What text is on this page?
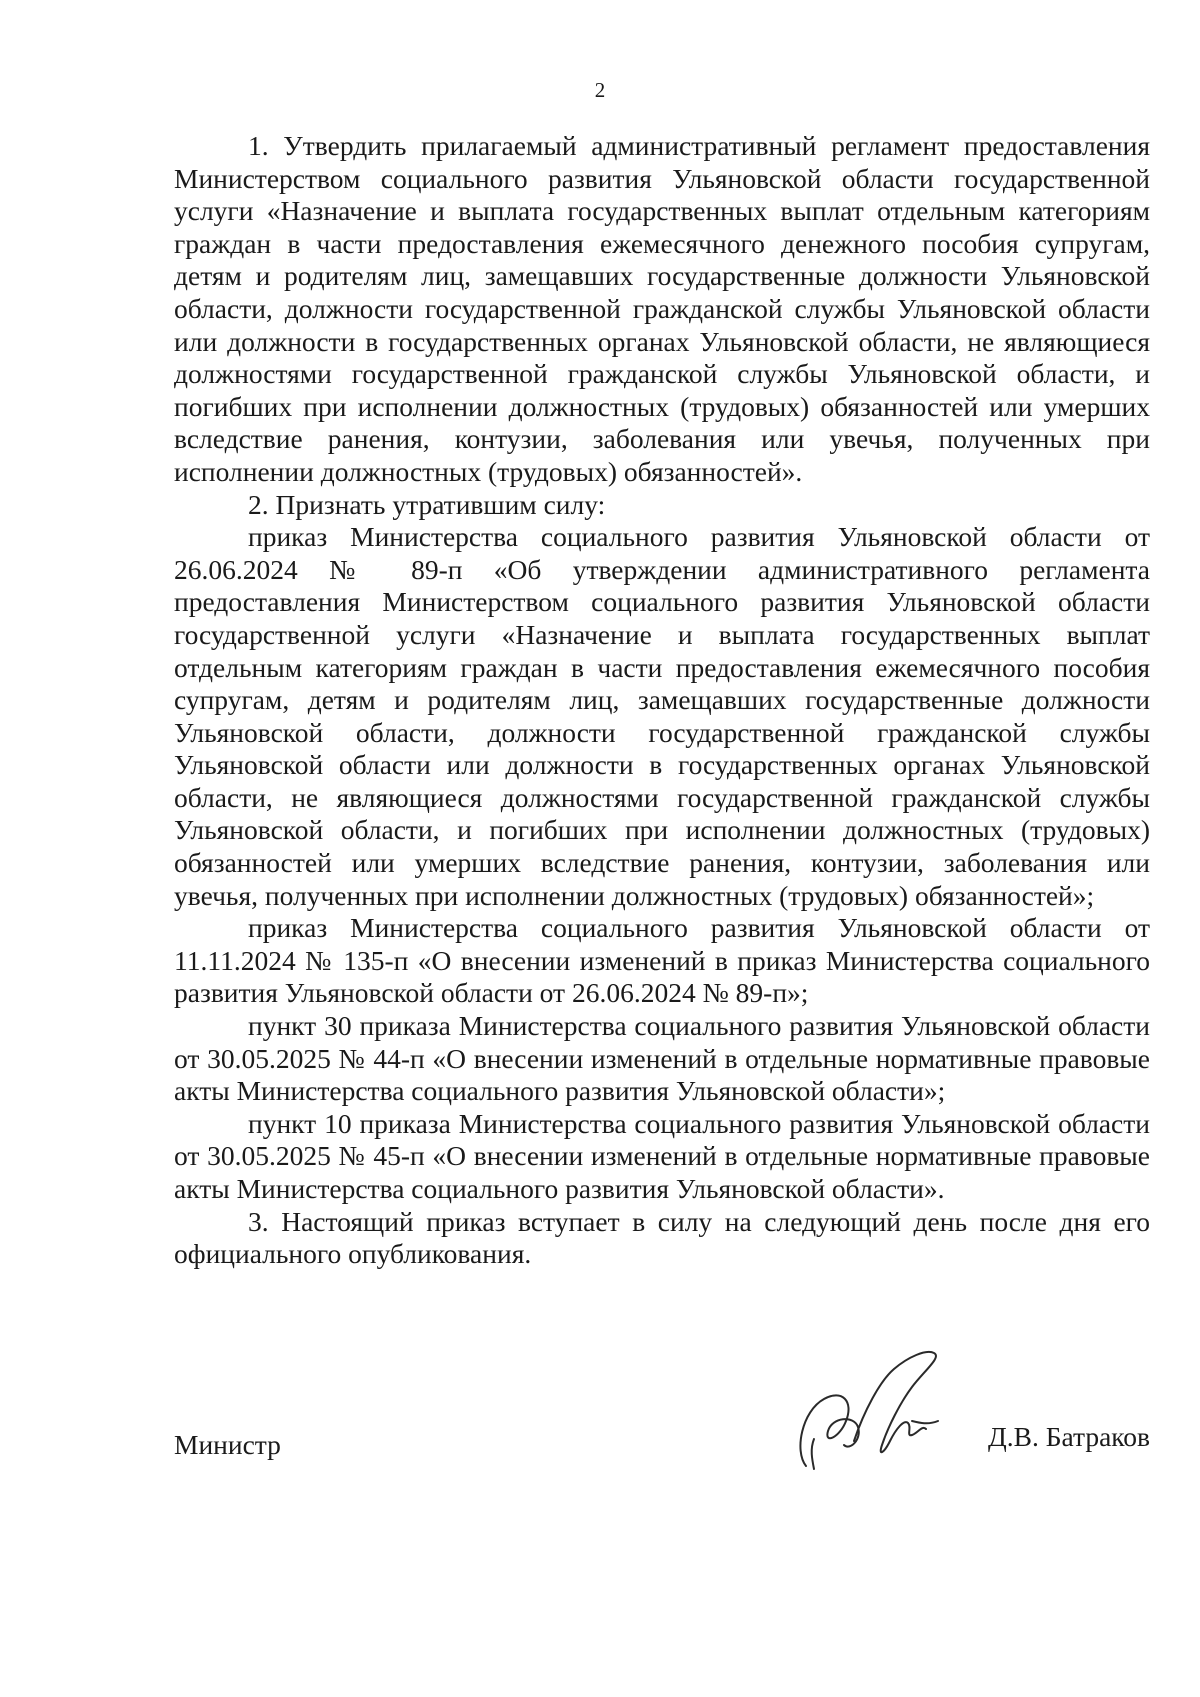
2

1. Утвердить прилагаемый административный регламент предоставления Министерством социального развития Ульяновской области государственной услуги «Назначение и выплата государственных выплат отдельным категориям граждан в части предоставления ежемесячного денежного пособия супругам, детям и родителям лиц, замещавших государственные должности Ульяновской области, должности государственной гражданской службы Ульяновской области или должности в государственных органах Ульяновской области, не являющиеся должностями государственной гражданской службы Ульяновской области, и погибших при исполнении должностных (трудовых) обязанностей или умерших вследствие ранения, контузии, заболевания или увечья, полученных при исполнении должностных (трудовых) обязанностей».

2. Признать утратившим силу:

приказ Министерства социального развития Ульяновской области от 26.06.2024 № 89-п «Об утверждении административного регламента предоставления Министерством социального развития Ульяновской области государственной услуги «Назначение и выплата государственных выплат отдельным категориям граждан в части предоставления ежемесячного пособия супругам, детям и родителям лиц, замещавших государственные должности Ульяновской области, должности государственной гражданской службы Ульяновской области или должности в государственных органах Ульяновской области, не являющиеся должностями государственной гражданской службы Ульяновской области, и погибших при исполнении должностных (трудовых) обязанностей или умерших вследствие ранения, контузии, заболевания или увечья, полученных при исполнении должностных (трудовых) обязанностей»;

приказ Министерства социального развития Ульяновской области от 11.11.2024 № 135-п «О внесении изменений в приказ Министерства социального развития Ульяновской области от 26.06.2024 № 89-п»;

пункт 30 приказа Министерства социального развития Ульяновской области от 30.05.2025 № 44-п «О внесении изменений в отдельные нормативные правовые акты Министерства социального развития Ульяновской области»;

пункт 10 приказа Министерства социального развития Ульяновской области от 30.05.2025 № 45-п «О внесении изменений в отдельные нормативные правовые акты Министерства социального развития Ульяновской области».

3. Настоящий приказ вступает в силу на следующий день после дня его официального опубликования.

Министр	Д.В. Батраков
